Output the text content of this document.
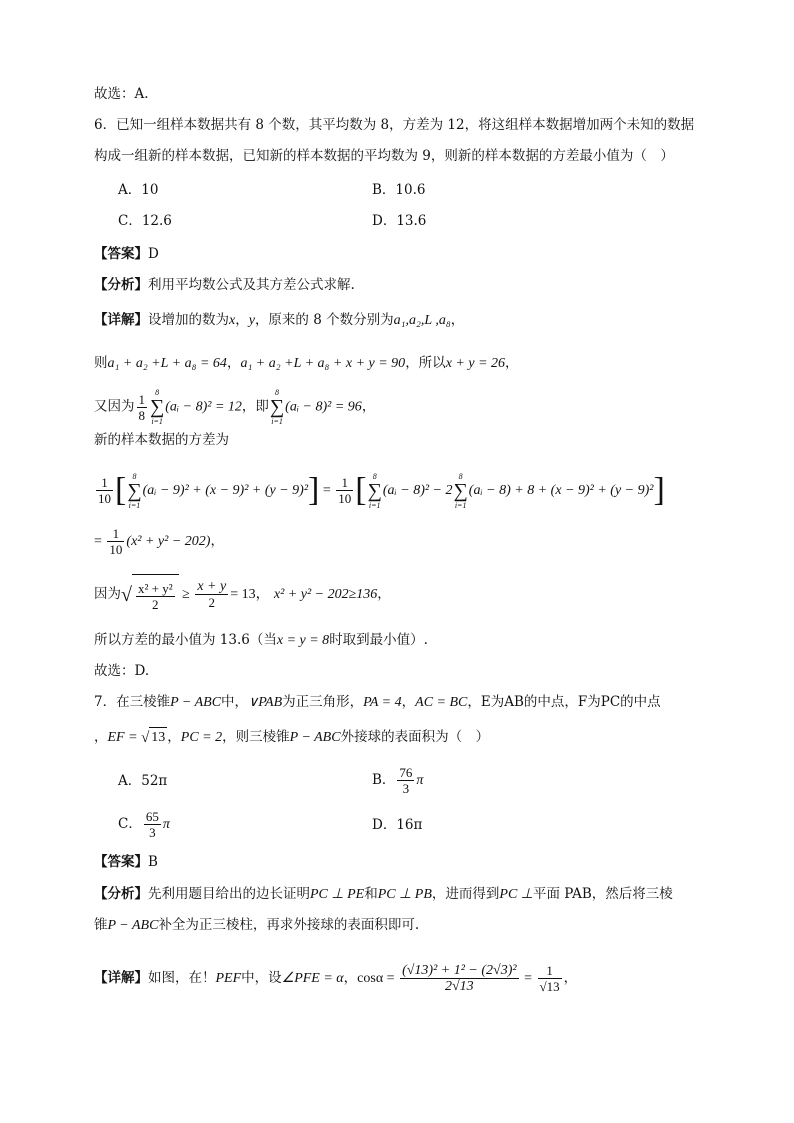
故选：A.
6．已知一组样本数据共有 8 个数，其平均数为 8，方差为 12，将这组样本数据增加两个未知的数据
构成一组新的样本数据，已知新的样本数据的平均数为 9，则新的样本数据的方差最小值为（　）
A．10	B．10.6
C．12.6	D．13.6
【答案】D
【分析】利用平均数公式及其方差公式求解.
【详解】设增加的数为x，y，原来的 8 个数分别为a₁,a₂,L ,a₈，
则a₁ + a₂ +L + a₈ = 64，a₁ + a₂ +L + a₈ + x + y = 90，所以x + y = 26，
又因为 $\frac{1}{8}$	8
∑
i=1
(aᵢ − 8)² = 12，即
8
∑
i=1
(aᵢ − 8)² = 96，
新的样本数据的方差为
$\frac{1}{10}$ [ 8
∑
i=1
(aᵢ − $9)^2 + (x - 9)^2 + (y - 9)^2] = \frac{1}{10}$ [ 8
∑
i=1
(aᵢ − 8)² − 2
8
∑
i=1
(aᵢ − 8) + 8 + (x − 9)² + (y − 9)²]
= $\frac{1}{10} (x^2 + y^2 - 202)$，
因为√ $\frac{\text{x² + y²}}{2} \ge \frac{x + y}{2} = 13$， x² + y² − 202≥136，
所以方差的最小值为 13.6（当x = y = 8时取到最小值）.
故选：D.
7．在三棱锥P − ABC中，∨PAB为正三角形，PA = 4，AC = BC，E为AB的中点，F为PC的中点
，EF = √ 13 ，PC = 2，则三棱锥P − ABC外接球的表面积为（　）
A．52π	B． $\frac{76}{3}$ π
C． $\frac{65}{3}$ π	D．16π
【答案】B
【分析】先利用题目给出的边长证明PC ⊥ PE和PC ⊥ PB，进而得到PC ⊥平面 PAB，然后将三棱
锥P − ABC补全为正三棱柱，再求外接球的表面积即可.
【详解】如图，在！PEF中，设∠PFE = α，$\cos\alpha = \frac{\text{(√13)² + 1² − (2√3)²}}{2√13} = \frac{1}{√13}$ ，
